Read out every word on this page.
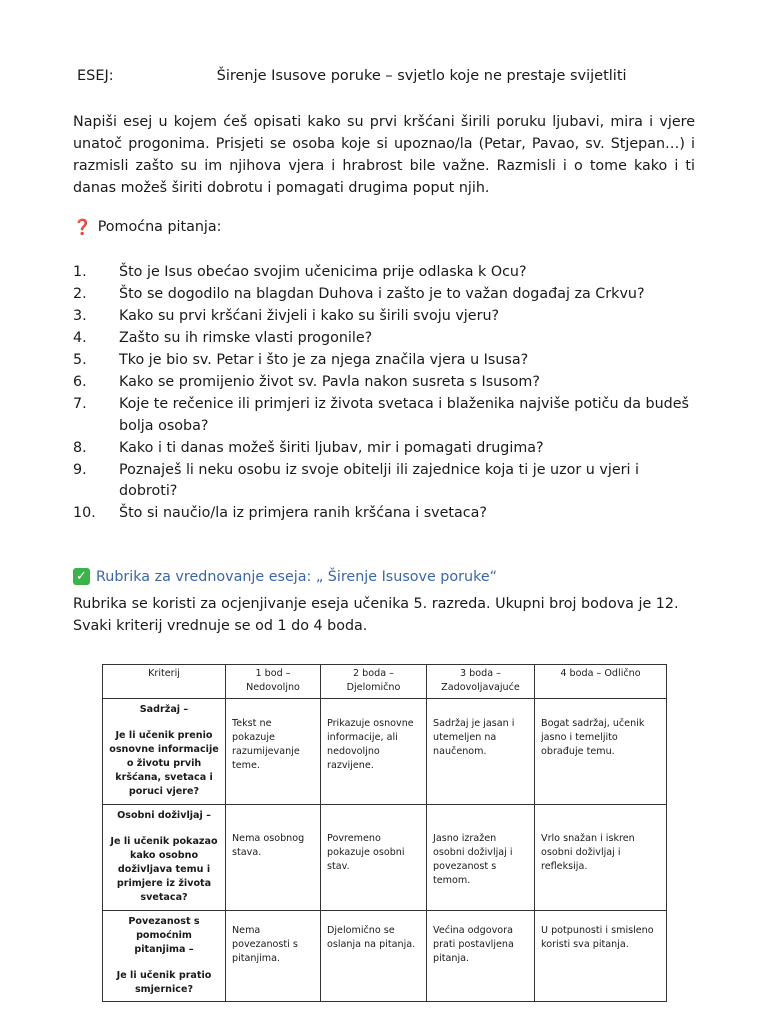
ESEJ:	Širenje Isusove poruke – svjetlo koje ne prestaje svijetliti

Napiši esej u kojem ćeš opisati kako su prvi kršćani širili poruku ljubavi, mira i vjere unatoč progonima. Prisjeti se osoba koje si upoznao/la (Petar, Pavao, sv. Stjepan…) i razmisli zašto su im njihova vjera i hrabrost bile važne. Razmisli i o tome kako i ti danas možeš širiti dobrotu i pomagati drugima poput njih.

❓ Pomoćna pitanja:
1.	Što je Isus obećao svojim učenicima prije odlaska k Ocu?
2.	Što se dogodilo na blagdan Duhova i zašto je to važan događaj za Crkvu?
3.	Kako su prvi kršćani živjeli i kako su širili svoju vjeru?
4.	Zašto su ih rimske vlasti progonile?
5.	Tko je bio sv. Petar i što je za njega značila vjera u Isusa?
6.	Kako se promijenio život sv. Pavla nakon susreta s Isusom?
7.	Koje te rečenice ili primjeri iz života svetaca i blaženika najviše potiču da budeš bolja osoba?
8.	Kako i ti danas možeš širiti ljubav, mir i pomagati drugima?
9.	Poznaješ li neku osobu iz svoje obitelji ili zajednice koja ti je uzor u vjeri i dobroti?
10.	Što si naučio/la iz primjera ranih kršćana i svetaca?
✓ Rubrika za vrednovanje eseja: „ Širenje Isusove poruke“

Rubrika se koristi za ocjenjivanje eseja učenika 5. razreda. Ukupni broj bodova je 12. Svaki kriterij vrednuje se od 1 do 4 boda.

Kriterij	1 bod – Nedovoljno	2 boda – Djelomično	3 boda – Zadovoljavajuće	4 boda – Odlično

Sadržaj –
Je li učenik prenio osnovne informacije o životu prvih kršćana, svetaca i poruci vjere?	Tekst ne pokazuje razumijevanje teme.	Prikazuje osnovne informacije, ali nedovoljno razvijene.	Sadržaj je jasan i utemeljen na naučenom.	Bogat sadržaj, učenik jasno i temeljito obrađuje temu.

Osobni doživljaj –
Je li učenik pokazao kako osobno doživljava temu i primjere iz života svetaca?	Nema osobnog stava.	Povremeno pokazuje osobni stav.	Jasno izražen osobni doživljaj i povezanost s temom.	Vrlo snažan i iskren osobni doživljaj i refleksija.

Povezanost s pomoćnim pitanjima –
Je li učenik pratio smjernice?	Nema povezanosti s pitanjima.	Djelomično se oslanja na pitanja.	Većina odgovora prati postavljena pitanja.	U potpunosti i smisleno koristi sva pitanja.
